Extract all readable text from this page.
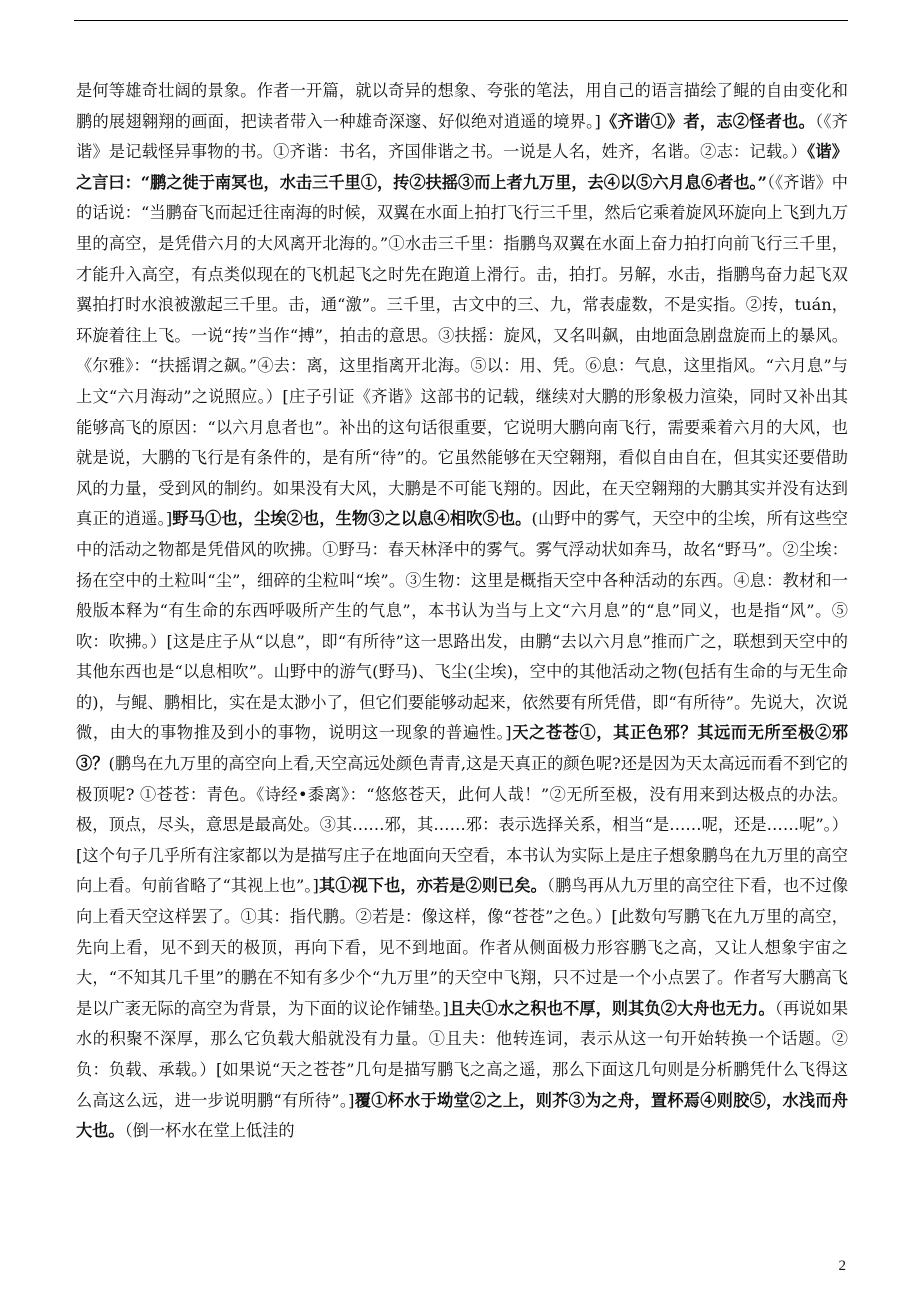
是何等雄奇壮阔的景象。作者一开篇，就以奇异的想象、夸张的笔法，用自己的语言描绘了鲲的自由变化和鹏的展翅翱翔的画面，把读者带入一种雄奇深邃、好似绝对逍遥的境界。]《齐谐①》者，志②怪者也。（《齐谐》是记载怪异事物的书。①齐谐：书名，齐国俳谐之书。一说是人名，姓齐，名谐。②志：记载。）《谐》之言曰：“鹏之徙于南冥也，水击三千里①，抟②扶摇③而上者九万里，去④以⑤六月息⑥者也。”（《齐谐》中的话说：“当鹏奋飞而起迁往南海的时候，双翼在水面上拍打飞行三千里，然后它乘着旋风环旋向上飞到九万里的高空，是凭借六月的大风离开北海的。”①水击三千里：指鹏鸟双翼在水面上奋力拍打向前飞行三千里，才能升入高空，有点类似现在的飞机起飞之时先在跑道上滑行。击，拍打。另解，水击，指鹏鸟奋力起飞双翼拍打时水浪被激起三千里。击，通“激”。三千里，古文中的三、九，常表虚数，不是实指。②抟，tuán，环旋着往上飞。一说“抟”当作“搏”，拍击的意思。③扶摇：旋风，又名叫飙，由地面急剧盘旋而上的暴风。《尔雅》：“扶摇谓之飙。”④去：离，这里指离开北海。⑤以：用、凭。⑥息：气息，这里指风。“六月息”与上文“六月海动”之说照应。）[庄子引证《齐谐》这部书的记载，继续对大鹏的形象极力渲染，同时又补出其能够高飞的原因：“以六月息者也”。补出的这句话很重要，它说明大鹏向南飞行，需要乘着六月的大风，也就是说，大鹏的飞行是有条件的，是有所“待”的。它虽然能够在天空翱翔，看似自由自在，但其实还要借助风的力量，受到风的制约。如果没有大风，大鹏是不可能飞翔的。因此，在天空翱翔的大鹏其实并没有达到真正的逍遥。]野马①也，尘埃②也，生物③之以息④相吹⑤也。(山野中的雾气，天空中的尘埃，所有这些空中的活动之物都是凭借风的吹拂。①野马：春天林泽中的雾气。雾气浮动状如奔马，故名“野马”。②尘埃：扬在空中的土粒叫“尘”，细碎的尘粒叫“埃”。③生物：这里是概指天空中各种活动的东西。④息：教材和一般版本释为“有生命的东西呼吸所产生的气息”，本书认为当与上文“六月息”的“息”同义，也是指“风”。⑤吹：吹拂。）[这是庄子从“以息”，即“有所待”这一思路出发，由鹏“去以六月息”推而广之，联想到天空中的其他东西也是“以息相吹”。山野中的游气(野马)、飞尘(尘埃)，空中的其他活动之物(包括有生命的与无生命的)，与鲲、鹏相比，实在是太渺小了，但它们要能够动起来，依然要有所凭借，即“有所待”。先说大，次说微，由大的事物推及到小的事物，说明这一现象的普遍性。]天之苍苍①，其正色邪？其远而无所至极②邪③？(鹏鸟在九万里的高空向上看,天空高远处颜色青青,这是天真正的颜色呢?还是因为天太高远而看不到它的极顶呢? ①苍苍：青色。《诗经•黍离》：“悠悠苍天，此何人哉！”②无所至极，没有用来到达极点的办法。极，顶点，尽头，意思是最高处。③其……邪，其……邪：表示选择关系，相当“是……呢，还是……呢”。）[这个句子几乎所有注家都以为是描写庄子在地面向天空看，本书认为实际上是庄子想象鹏鸟在九万里的高空向上看。句前省略了“其视上也”。]其①视下也，亦若是②则已矣。（鹏鸟再从九万里的高空往下看，也不过像向上看天空这样罢了。①其：指代鹏。②若是：像这样，像“苍苍”之色。）[此数句写鹏飞在九万里的高空，先向上看，见不到天的极顶，再向下看，见不到地面。作者从侧面极力形容鹏飞之高，又让人想象宇宙之大，“不知其几千里”的鹏在不知有多少个“九万里”的天空中飞翔，只不过是一个小点罢了。作者写大鹏高飞是以广袤无际的高空为背景，为下面的议论作铺垫。]且夫①水之积也不厚，则其负②大舟也无力。（再说如果水的积聚不深厚，那么它负载大船就没有力量。①且夫：他转连词，表示从这一句开始转换一个话题。②负：负载、承载。）[如果说“天之苍苍”几句是描写鹏飞之高之遥，那么下面这几句则是分析鹏凭什么飞得这么高这么远，进一步说明鹏“有所待”。]覆①杯水于坳堂②之上，则芥③为之舟，置杯焉④则胶⑤，水浅而舟大也。（倒一杯水在堂上低洼的

2
